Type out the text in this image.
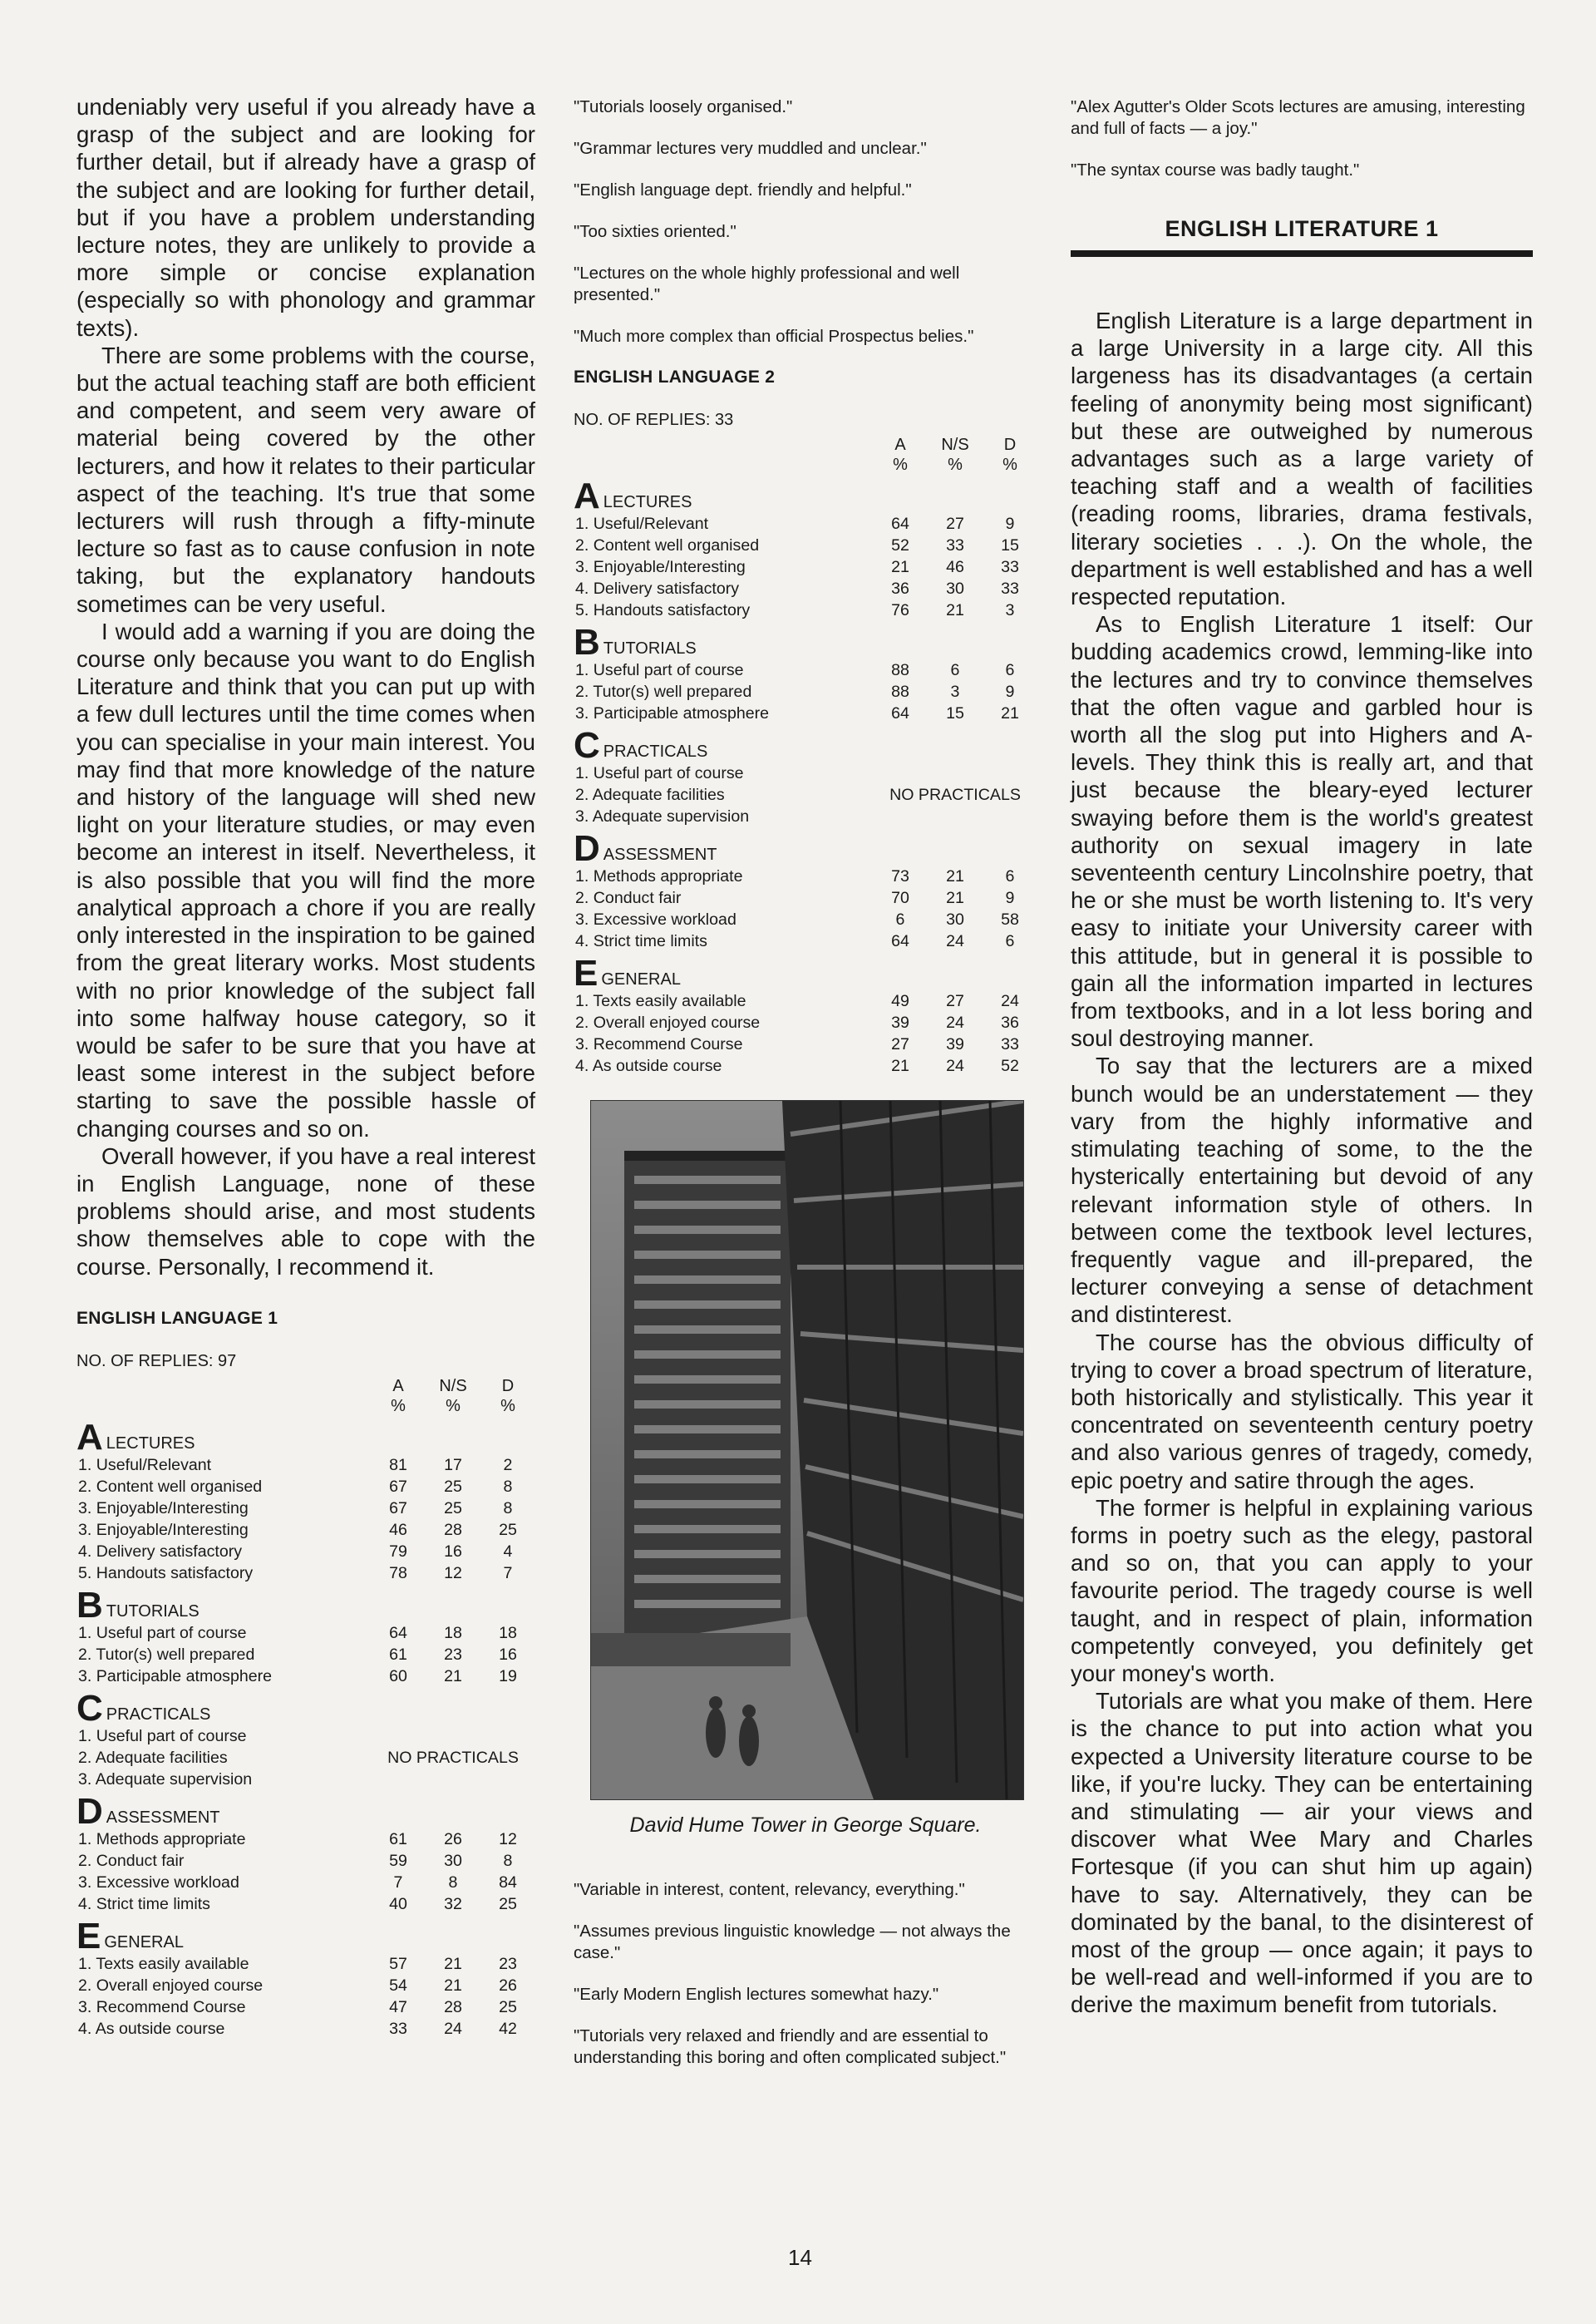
undeniably very useful if you already have a grasp of the subject and are looking for further detail, but if already have a grasp of the subject and are looking for further detail, but if you have a problem understanding lecture notes, they are unlikely to provide a more simple or concise explanation (especially so with phonology and grammar texts).

There are some problems with the course, but the actual teaching staff are both efficient and competent, and seem very aware of material being covered by the other lecturers, and how it relates to their particular aspect of the teaching. It's true that some lecturers will rush through a fifty-minute lecture so fast as to cause confusion in note taking, but the explanatory handouts sometimes can be very useful.

I would add a warning if you are doing the course only because you want to do English Literature and think that you can put up with a few dull lectures until the time comes when you can specialise in your main interest. You may find that more knowledge of the nature and history of the language will shed new light on your literature studies, or may even become an interest in itself. Nevertheless, it is also possible that you will find the more analytical approach a chore if you are really only interested in the inspiration to be gained from the great literary works. Most students with no prior knowledge of the subject fall into some halfway house category, so it would be safer to be sure that you have at least some interest in the subject before starting to save the possible hassle of changing courses and so on.

Overall however, if you have a real interest in English Language, none of these problems should arise, and most students show themselves able to cope with the course. Personally, I recommend it.

ENGLISH LANGUAGE 1
NO. OF REPLIES: 97
	A	N/S	D
	%	%	%
A LECTURES			
1. Useful/Relevant	81	17	2
2. Content well organised	67	25	8
3. Enjoyable/Interesting	67	25	8
3. Enjoyable/Interesting	46	28	25
4. Delivery satisfactory	79	16	4
5. Handouts satisfactory	78	12	7
B TUTORIALS			
1. Useful part of course	64	18	18
2. Tutor(s) well prepared	61	23	16
3. Participable atmosphere	60	21	19
C PRACTICALS			
1. Useful part of course			
2. Adequate facilities	NO PRACTICALS		
3. Adequate supervision			
D ASSESSMENT			
1. Methods appropriate	61	26	12
2. Conduct fair	59	30	8
3. Excessive workload	7	8	84
4. Strict time limits	40	32	25
E GENERAL			
1. Texts easily available	57	21	23
2. Overall enjoyed course	54	21	26
3. Recommend Course	47	28	25
4. As outside course	33	24	42

"Tutorials loosely organised."

"Grammar lectures very muddled and unclear."

"English language dept. friendly and helpful."

"Too sixties oriented."

"Lectures on the whole highly professional and well presented."

"Much more complex than official Prospectus belies."

ENGLISH LANGUAGE 2
NO. OF REPLIES: 33
	A	N/S	D
	%	%	%
A LECTURES			
1. Useful/Relevant	64	27	9
2. Content well organised	52	33	15
3. Enjoyable/Interesting	21	46	33
4. Delivery satisfactory	36	30	33
5. Handouts satisfactory	76	21	3
B TUTORIALS			
1. Useful part of course	88	6	6
2. Tutor(s) well prepared	88	3	9
3. Participable atmosphere	64	15	21
C PRACTICALS			
1. Useful part of course			
2. Adequate facilities	NO PRACTICALS		
3. Adequate supervision			
D ASSESSMENT			
1. Methods appropriate	73	21	6
2. Conduct fair	70	21	9
3. Excessive workload	6	30	58
4. Strict time limits	64	24	6
E GENERAL			
1. Texts easily available	49	27	24
2. Overall enjoyed course	39	24	36
3. Recommend Course	27	39	33
4. As outside course	21	24	52
David Hume Tower in George Square.

"Variable in interest, content, relevancy, everything."

"Assumes previous linguistic knowledge — not always the case."

"Early Modern English lectures somewhat hazy."

"Tutorials very relaxed and friendly and are essential to understanding this boring and often complicated subject."

"Alex Agutter's Older Scots lectures are amusing, interesting and full of facts — a joy."

"The syntax course was badly taught."

ENGLISH LITERATURE 1

English Literature is a large department in a large University in a large city. All this largeness has its disadvantages (a certain feeling of anonymity being most significant) but these are outweighed by numerous advantages such as a large variety of teaching staff and a wealth of facilities (reading rooms, libraries, drama festivals, literary societies . . .). On the whole, the department is well established and has a well respected reputation.

As to English Literature 1 itself: Our budding academics crowd, lemming-like into the lectures and try to convince themselves that the often vague and garbled hour is worth all the slog put into Highers and A-levels. They think this is really art, and that just because the bleary-eyed lecturer swaying before them is the world's greatest authority on sexual imagery in late seventeenth century Lincolnshire poetry, that he or she must be worth listening to. It's very easy to initiate your University career with this attitude, but in general it is possible to gain all the information imparted in lectures from textbooks, and in a lot less boring and soul destroying manner.

To say that the lecturers are a mixed bunch would be an understatement — they vary from the highly informative and stimulating teaching of some, to the the hysterically entertaining but devoid of any relevant information style of others. In between come the textbook level lectures, frequently vague and ill-prepared, the lecturer conveying a sense of detachment and distinterest.

The course has the obvious difficulty of trying to cover a broad spectrum of literature, both historically and stylistically. This year it concentrated on seventeenth century poetry and also various genres of tragedy, comedy, epic poetry and satire through the ages.

The former is helpful in explaining various forms in poetry such as the elegy, pastoral and so on, that you can apply to your favourite period. The tragedy course is well taught, and in respect of plain, information competently conveyed, you definitely get your money's worth.

Tutorials are what you make of them. Here is the chance to put into action what you expected a University literature course to be like, if you're lucky. They can be entertaining and stimulating — air your views and discover what Wee Mary and Charles Fortesque (if you can shut him up again) have to say. Alternatively, they can be dominated by the banal, to the disinterest of most of the group — once again; it pays to be well-read and well-informed if you are to derive the maximum benefit from tutorials.

14
